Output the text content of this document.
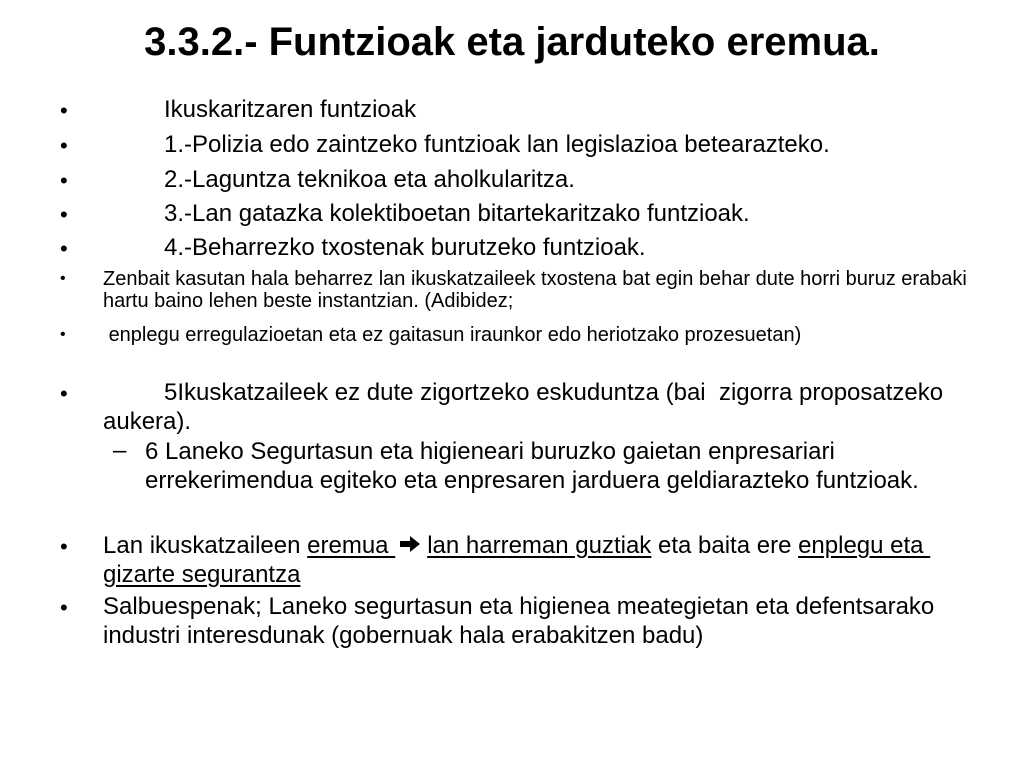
3.3.2.- Funtzioak eta jarduteko eremua.
•	Ikuskaritzaren funtzioak
•	1.-Polizia edo zaintzeko funtzioak lan legislazioa betearazteko.
•	2.-Laguntza teknikoa eta aholkularitza.
•	3.-Lan gatazka kolektiboetan bitartekaritzako funtzioak.
•	4.-Beharrezko txostenak burutzeko funtzioak.
• Zenbait kasutan hala beharrez lan ikuskatzaileek txostena bat egin behar dute horri buruz erabaki hartu baino lehen beste instantzian. (Adibidez;
• enplegu erregulazioetan eta ez gaitasun iraunkor edo heriotzako prozesuetan)
•	5Ikuskatzaileek ez dute zigortzeko eskuduntza (bai  zigorra proposatzeko aukera).
– 6 Laneko Segurtasun eta higieneari buruzko gaietan enpresariari errekerimendua egiteko eta enpresaren jarduera geldiarazteko funtzioak.
• Lan ikuskatzaileen eremua lan harreman guztiak eta baita ere enplegu eta gizarte segurantza
• Salbuespenak; Laneko segurtasun eta higienea meategietan eta defentsarako industri interesdunak (gobernuak hala erabakitzen badu)
